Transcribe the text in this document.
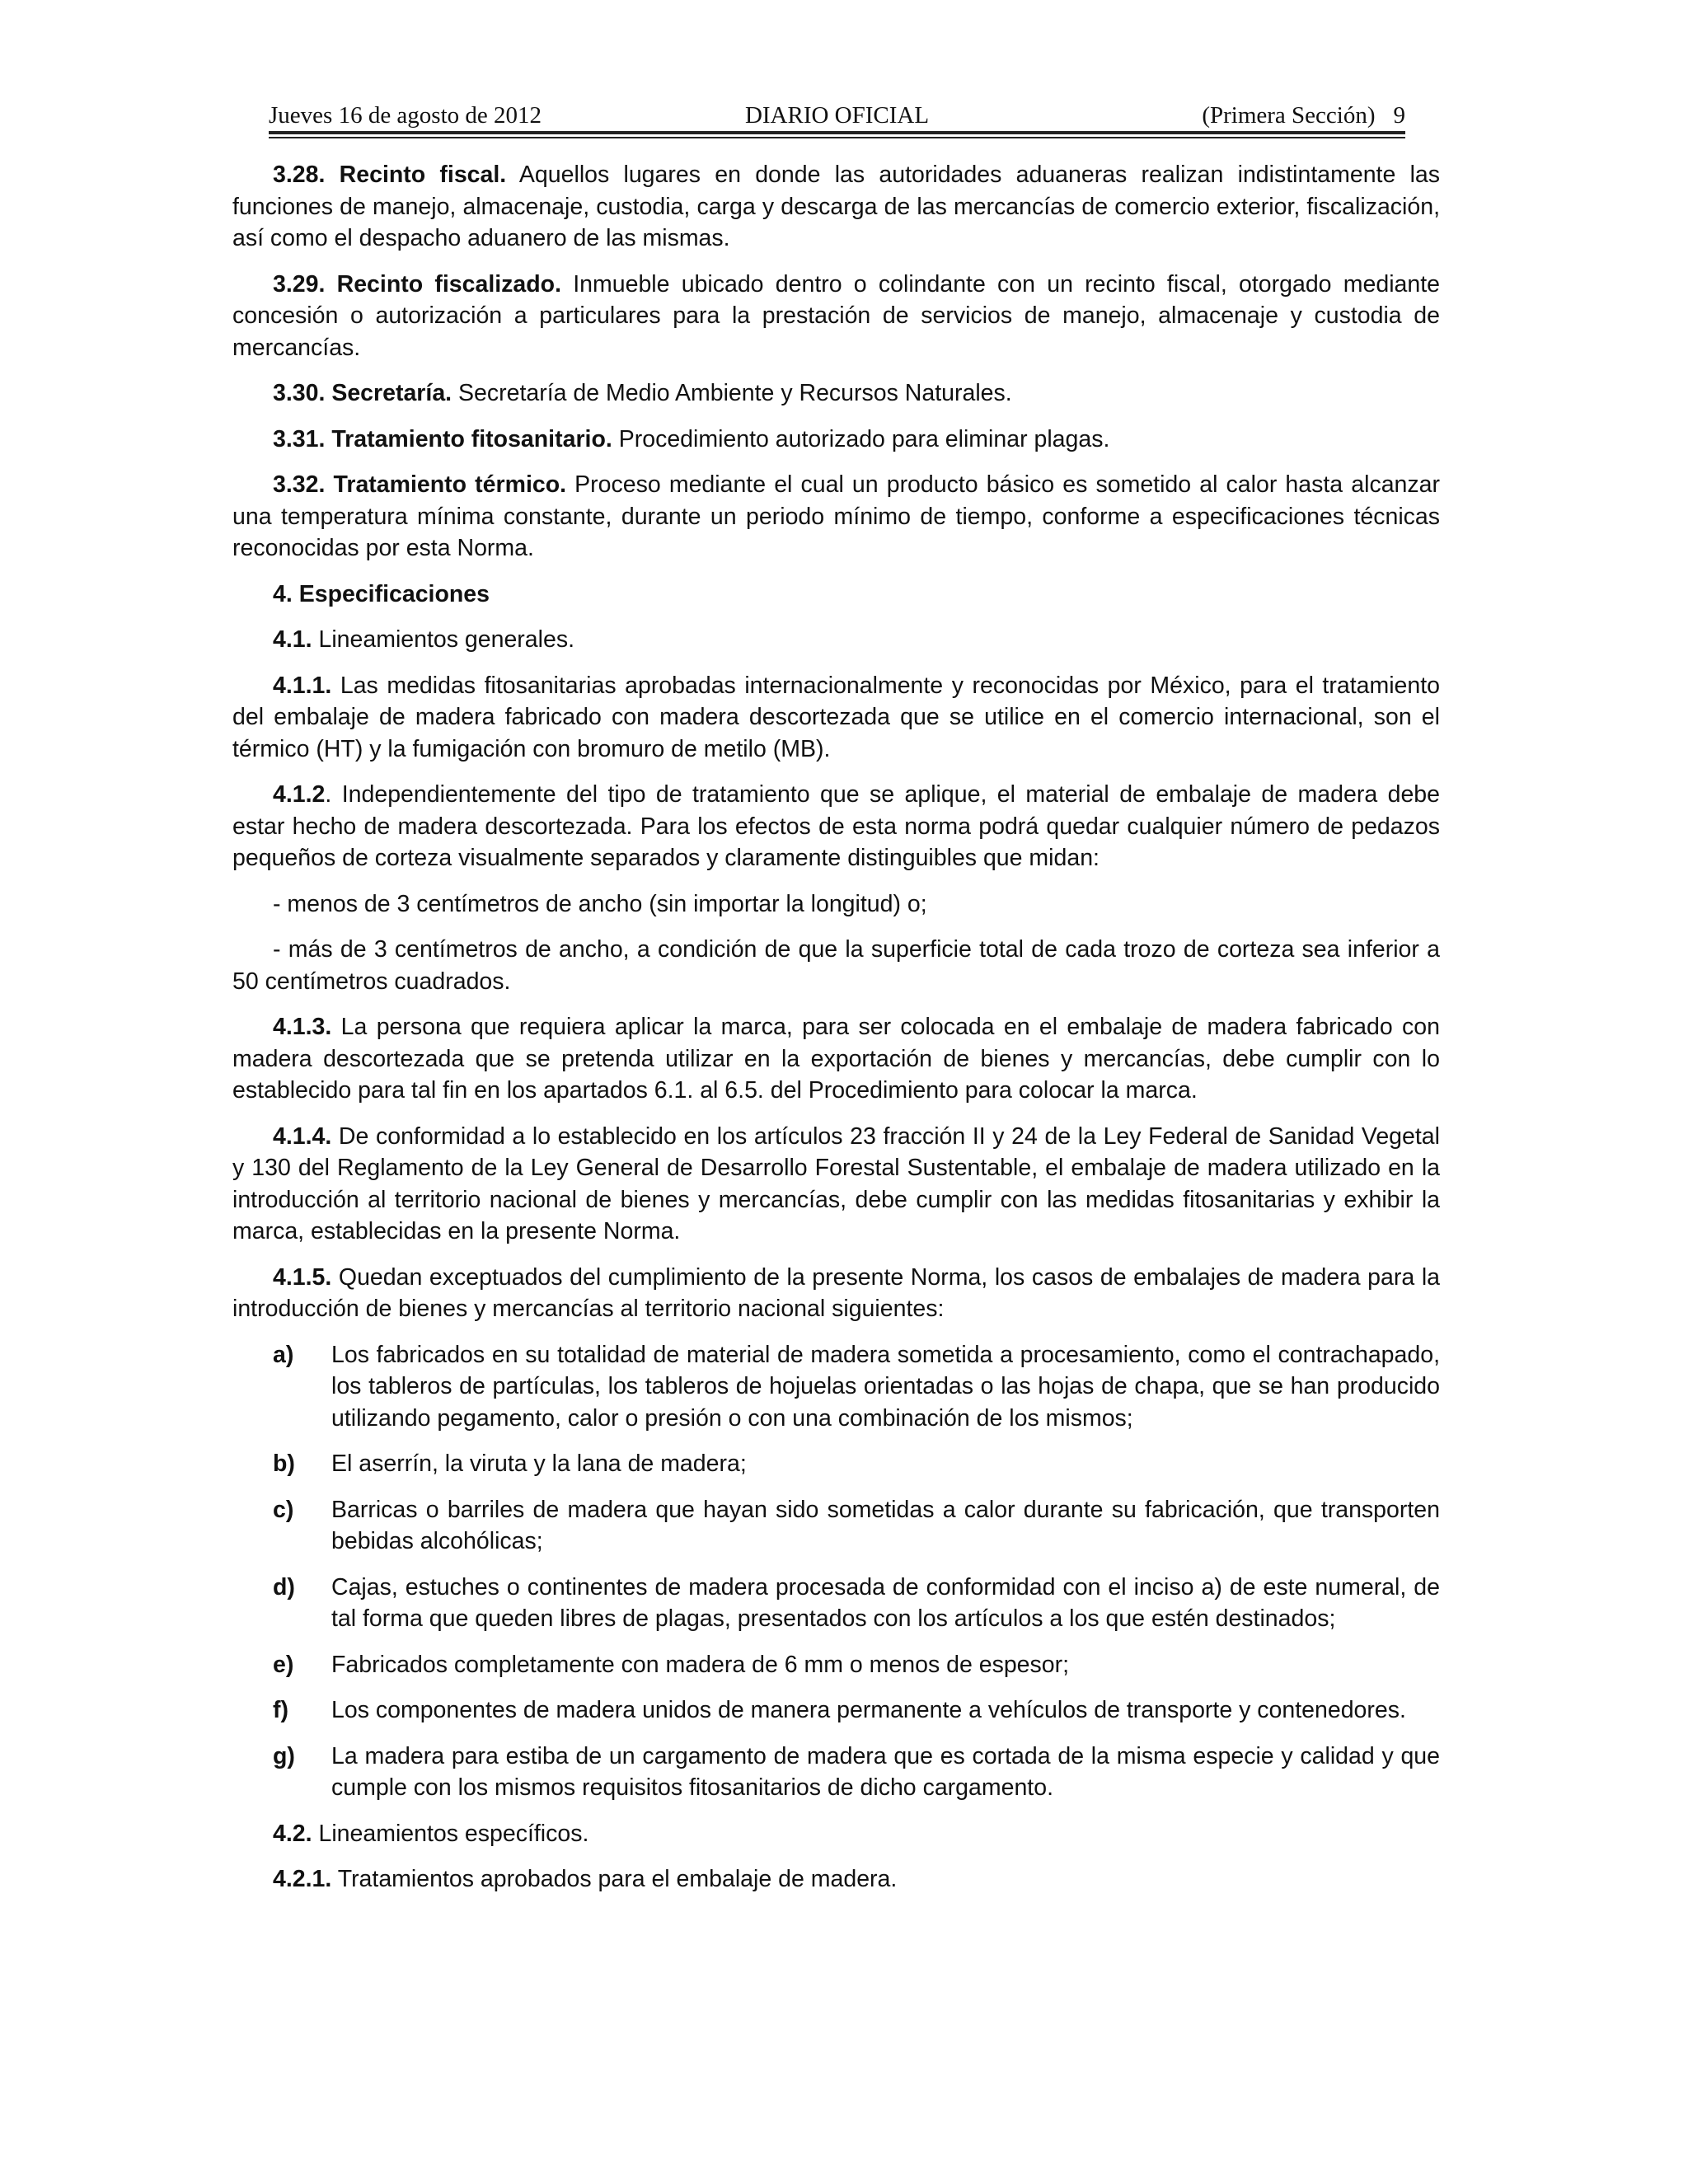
Jueves 16 de agosto de 2012	DIARIO OFICIAL	(Primera Sección) 9

3.28. Recinto fiscal. Aquellos lugares en donde las autoridades aduaneras realizan indistintamente las funciones de manejo, almacenaje, custodia, carga y descarga de las mercancías de comercio exterior, fiscalización, así como el despacho aduanero de las mismas.

3.29. Recinto fiscalizado. Inmueble ubicado dentro o colindante con un recinto fiscal, otorgado mediante concesión o autorización a particulares para la prestación de servicios de manejo, almacenaje y custodia de mercancías.

3.30. Secretaría. Secretaría de Medio Ambiente y Recursos Naturales.

3.31. Tratamiento fitosanitario. Procedimiento autorizado para eliminar plagas.

3.32. Tratamiento térmico. Proceso mediante el cual un producto básico es sometido al calor hasta alcanzar una temperatura mínima constante, durante un periodo mínimo de tiempo, conforme a especificaciones técnicas reconocidas por esta Norma.

4. Especificaciones

4.1. Lineamientos generales.

4.1.1. Las medidas fitosanitarias aprobadas internacionalmente y reconocidas por México, para el tratamiento del embalaje de madera fabricado con madera descortezada que se utilice en el comercio internacional, son el térmico (HT) y la fumigación con bromuro de metilo (MB).

4.1.2. Independientemente del tipo de tratamiento que se aplique, el material de embalaje de madera debe estar hecho de madera descortezada. Para los efectos de esta norma podrá quedar cualquier número de pedazos pequeños de corteza visualmente separados y claramente distinguibles que midan:

- menos de 3 centímetros de ancho (sin importar la longitud) o;

- más de 3 centímetros de ancho, a condición de que la superficie total de cada trozo de corteza sea inferior a 50 centímetros cuadrados.

4.1.3. La persona que requiera aplicar la marca, para ser colocada en el embalaje de madera fabricado con madera descortezada que se pretenda utilizar en la exportación de bienes y mercancías, debe cumplir con lo establecido para tal fin en los apartados 6.1. al 6.5. del Procedimiento para colocar la marca.

4.1.4. De conformidad a lo establecido en los artículos 23 fracción II y 24 de la Ley Federal de Sanidad Vegetal y 130 del Reglamento de la Ley General de Desarrollo Forestal Sustentable, el embalaje de madera utilizado en la introducción al territorio nacional de bienes y mercancías, debe cumplir con las medidas fitosanitarias y exhibir la marca, establecidas en la presente Norma.

4.1.5. Quedan exceptuados del cumplimiento de la presente Norma, los casos de embalajes de madera para la introducción de bienes y mercancías al territorio nacional siguientes:

a) Los fabricados en su totalidad de material de madera sometida a procesamiento, como el contrachapado, los tableros de partículas, los tableros de hojuelas orientadas o las hojas de chapa, que se han producido utilizando pegamento, calor o presión o con una combinación de los mismos;
b) El aserrín, la viruta y la lana de madera;
c) Barricas o barriles de madera que hayan sido sometidas a calor durante su fabricación, que transporten bebidas alcohólicas;
d) Cajas, estuches o continentes de madera procesada de conformidad con el inciso a) de este numeral, de tal forma que queden libres de plagas, presentados con los artículos a los que estén destinados;
e) Fabricados completamente con madera de 6 mm o menos de espesor;
f) Los componentes de madera unidos de manera permanente a vehículos de transporte y contenedores.
g) La madera para estiba de un cargamento de madera que es cortada de la misma especie y calidad y que cumple con los mismos requisitos fitosanitarios de dicho cargamento.

4.2. Lineamientos específicos.

4.2.1. Tratamientos aprobados para el embalaje de madera.
